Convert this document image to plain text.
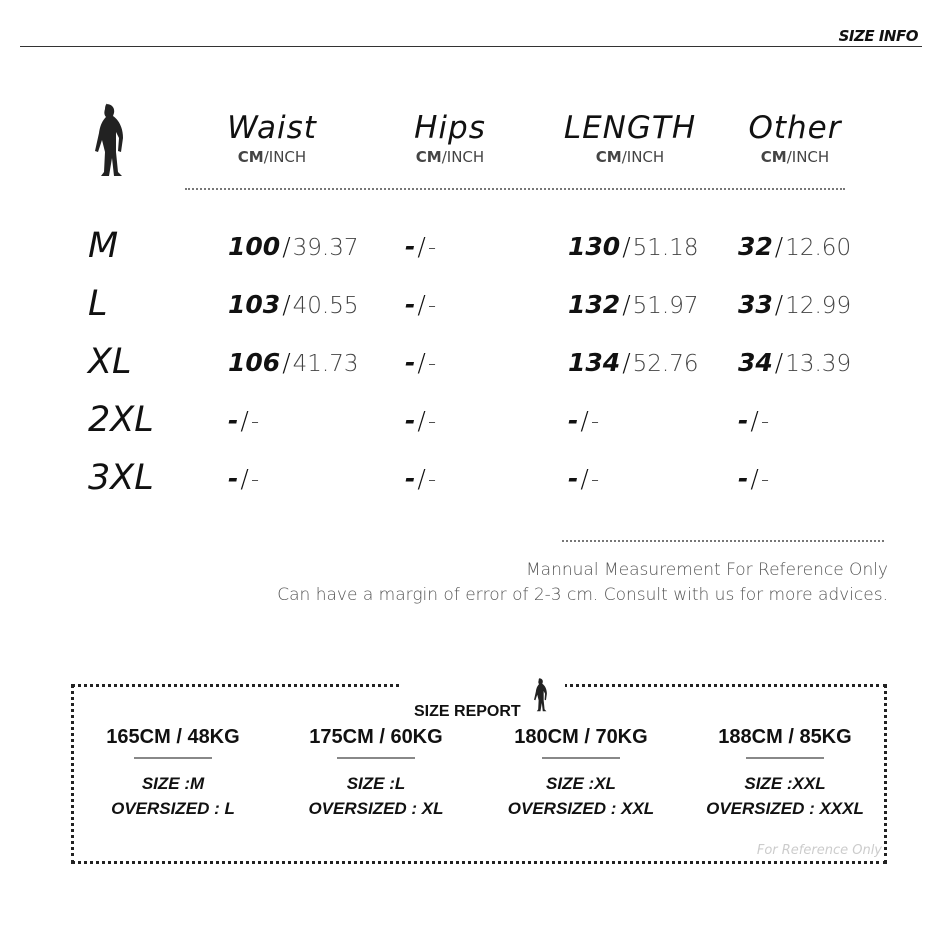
SIZE INFO
Waist
CM/INCH
Hips
CM/INCH
LENGTH
CM/INCH
Other
CM/INCH
M	100/39.37 -/-	130/51.18 32/12.60
L	103/40.55 -/-	132/51.97 33/12.99
XL	106/41.73 -/-	134/52.76 34/13.39
2XL	-/-	-/-	-/-	-/-
3XL	-/-	-/-	-/-	-/-
Mannual Measurement For Reference Only
Can have a margin of error of 2-3 cm. Consult with us for more advices.
SIZE REPORT
165CM / 48KG
SIZE :M
OVERSIZED : L
175CM / 60KG
SIZE :L
OVERSIZED : XL
180CM / 70KG
SIZE :XL
OVERSIZED : XXL
188CM / 85KG
SIZE :XXL
OVERSIZED : XXXL
For Reference Only
